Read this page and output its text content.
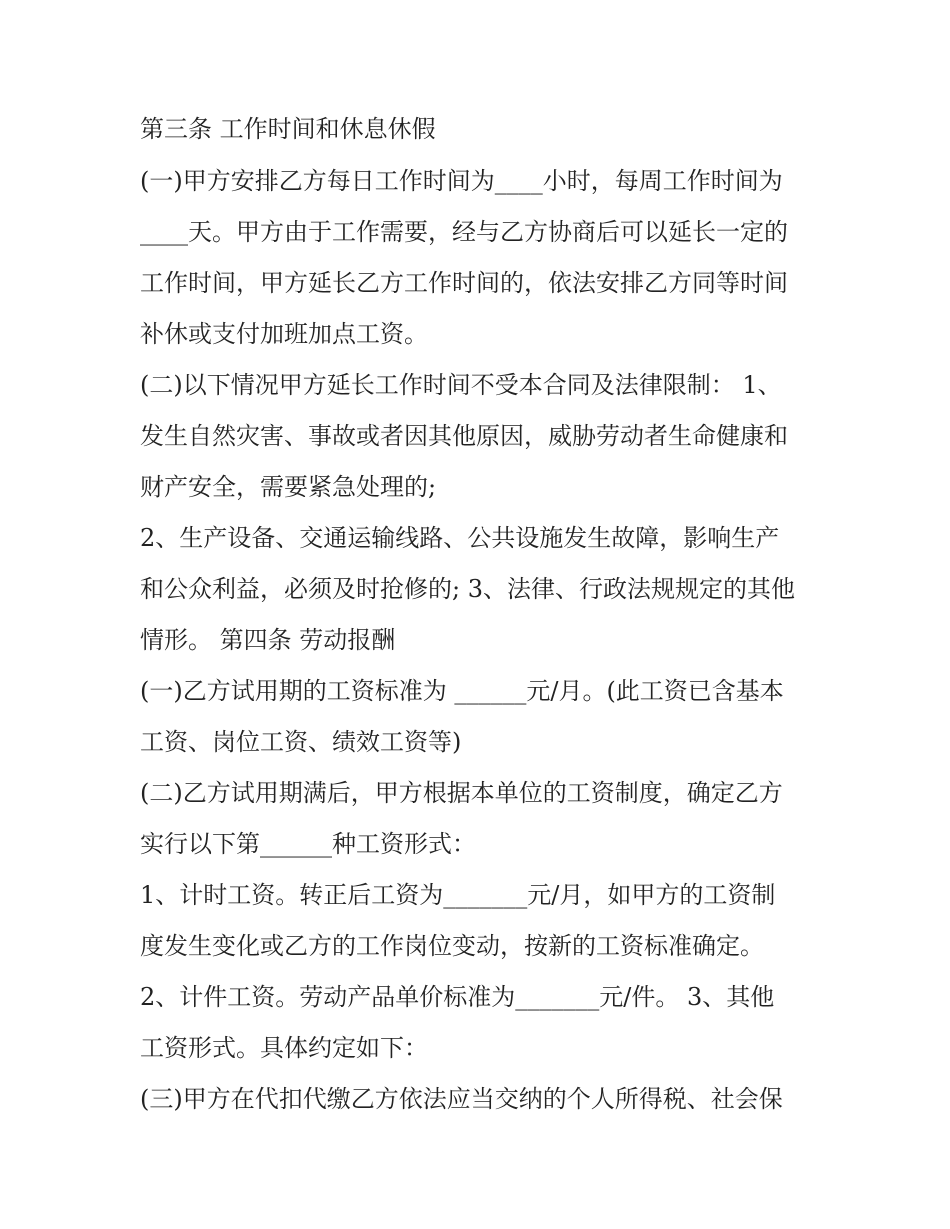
第三条 工作时间和休息休假

(一)甲方安排乙方每日工作时间为____小时，每周工作时间为

____天。甲方由于工作需要，经与乙方协商后可以延长一定的

工作时间，甲方延长乙方工作时间的，依法安排乙方同等时间

补休或支付加班加点工资。

(二)以下情况甲方延长工作时间不受本合同及法律限制： 1、

发生自然灾害、事故或者因其他原因，威胁劳动者生命健康和

财产安全，需要紧急处理的;

2、生产设备、交通运输线路、公共设施发生故障，影响生产

和公众利益，必须及时抢修的; 3、法律、行政法规规定的其他

情形。 第四条 劳动报酬

(一)乙方试用期的工资标准为 ______元/月。(此工资已含基本

工资、岗位工资、绩效工资等)

(二)乙方试用期满后，甲方根据本单位的工资制度，确定乙方

实行以下第______种工资形式：

1、计时工资。转正后工资为_______元/月，如甲方的工资制

度发生变化或乙方的工作岗位变动，按新的工资标准确定。

2、计件工资。劳动产品单价标准为_______元/件。 3、其他

工资形式。具体约定如下：

(三)甲方在代扣代缴乙方依法应当交纳的个人所得税、社会保
